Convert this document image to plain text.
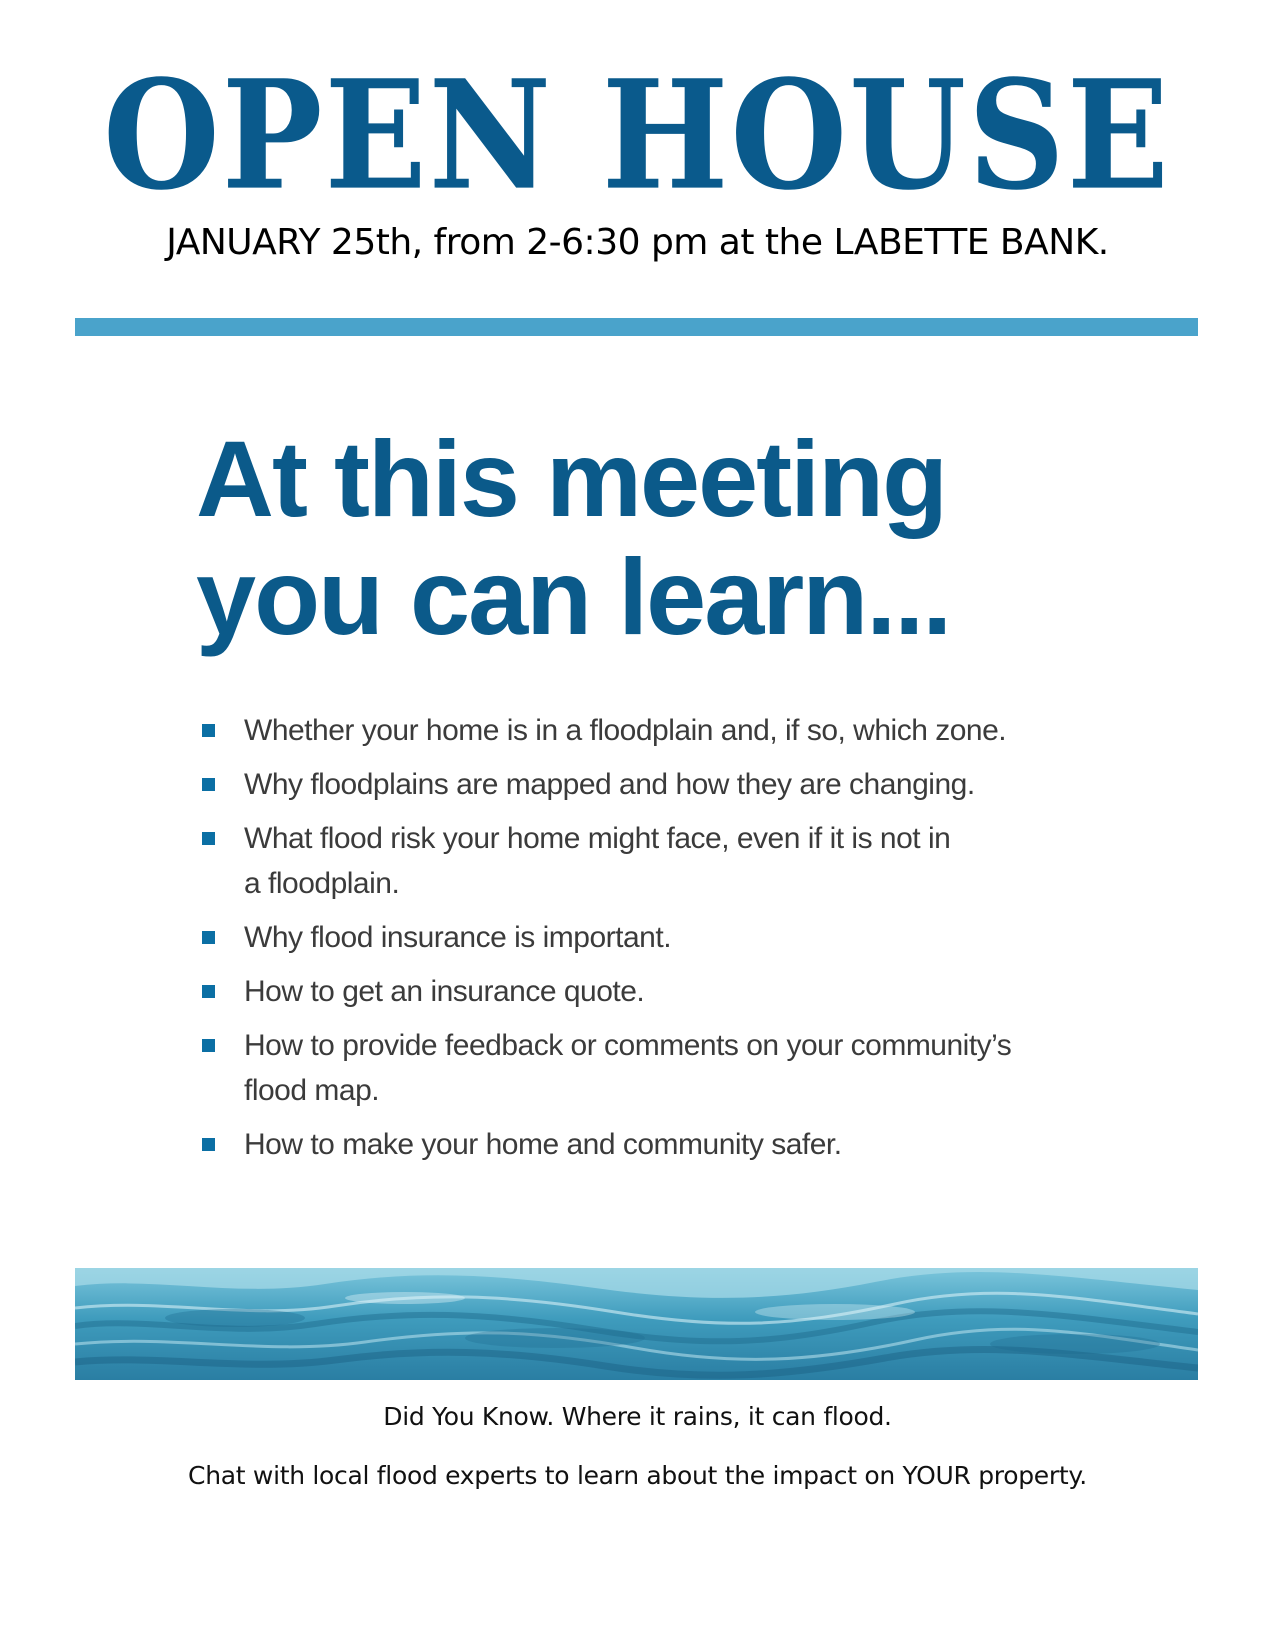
OPEN HOUSE
JANUARY 25th, from 2-6:30 pm at the LABETTE BANK.
At this meeting
you can learn...
Whether your home is in a floodplain and, if so, which zone.
Why floodplains are mapped and how they are changing.
What flood risk your home might face, even if it is not in
a floodplain.
Why flood insurance is important.
How to get an insurance quote.
How to provide feedback or comments on your community’s
flood map.
How to make your home and community safer.
Did You Know. Where it rains, it can flood.
Chat with local flood experts to learn about the impact on YOUR property.
